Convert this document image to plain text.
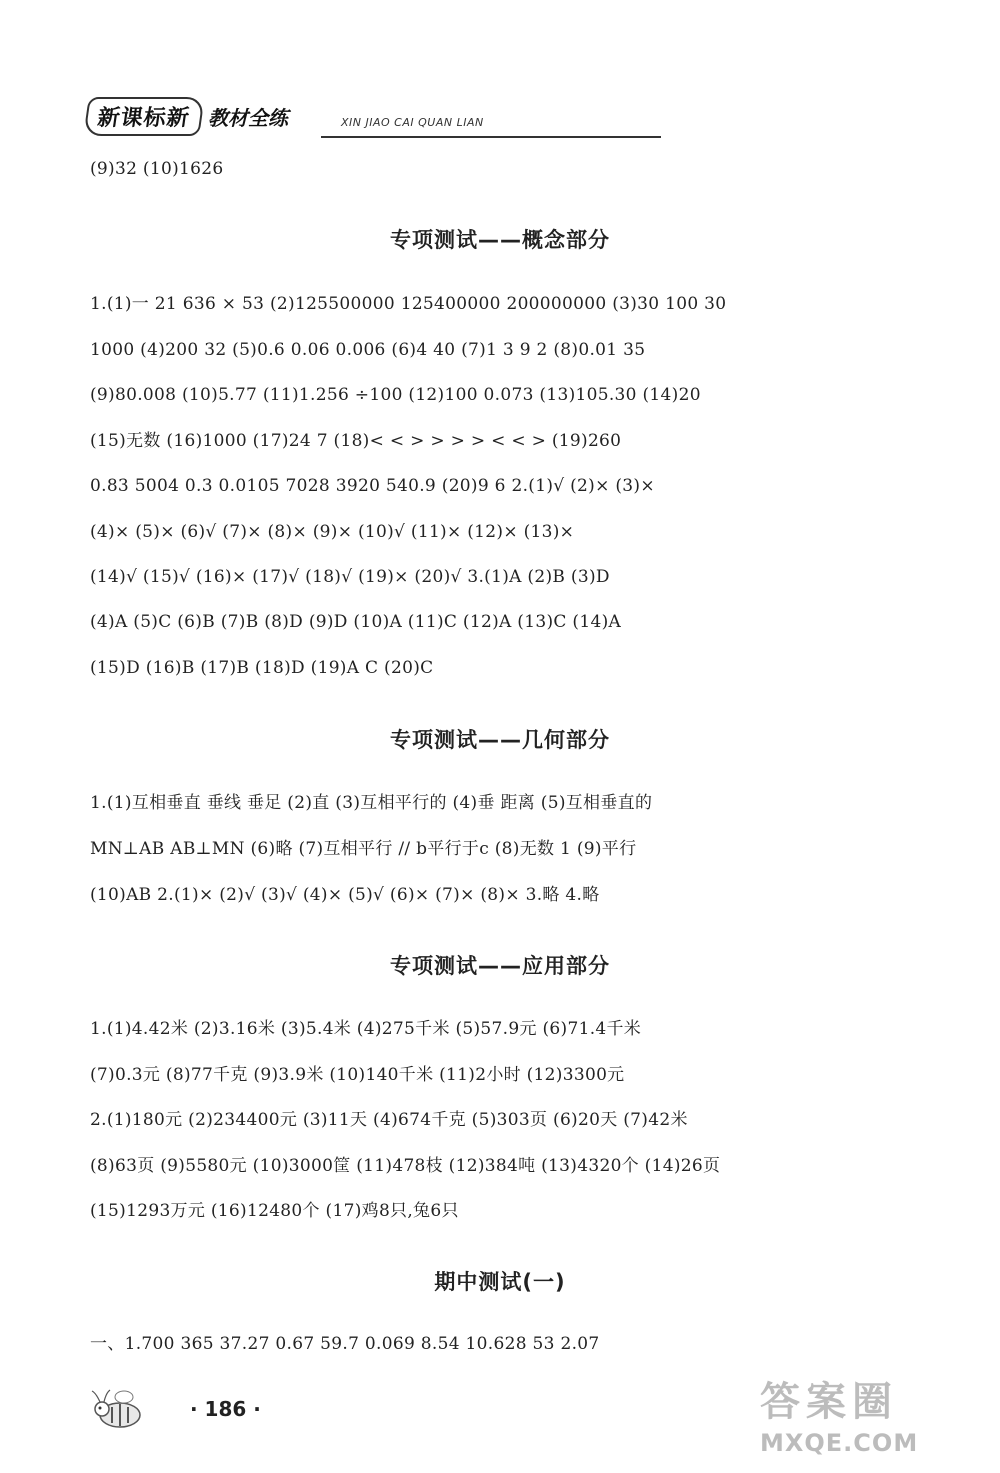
新课标新 教材全练	XIN JIAO CAI QUAN LIAN
(9)32 (10)1626
专项测试——概念部分
1.(1)一 21 636 × 53 (2)125500000 125400000 200000000 (3)30 100 30
1000 (4)200 32 (5)0.6 0.06 0.006 (6)4 40 (7)1 3 9 2 (8)0.01 35
(9)80.008 (10)5.77 (11)1.256 ÷100 (12)100 0.073 (13)105.30 (14)20
(15)无数 (16)1000 (17)24 7 (18)< < > > > > < < > (19)260
0.83 5004 0.3 0.0105 7028 3920 540.9 (20)9 6 2.(1)√ (2)× (3)×
(4)× (5)× (6)√ (7)× (8)× (9)× (10)√ (11)× (12)× (13)×
(14)√ (15)√ (16)× (17)√ (18)√ (19)× (20)√ 3.(1)A (2)B (3)D
(4)A (5)C (6)B (7)B (8)D (9)D (10)A (11)C (12)A (13)C (14)A
(15)D (16)B (17)B (18)D (19)A C (20)C
专项测试——几何部分
1.(1)互相垂直 垂线 垂足 (2)直 (3)互相平行的 (4)垂 距离 (5)互相垂直的
MN⊥AB AB⊥MN (6)略 (7)互相平行 // b平行于c (8)无数 1 (9)平行
(10)AB 2.(1)× (2)√ (3)√ (4)× (5)√ (6)× (7)× (8)× 3.略 4.略
专项测试——应用部分
1.(1)4.42米 (2)3.16米 (3)5.4米 (4)275千米 (5)57.9元 (6)71.4千米
(7)0.3元 (8)77千克 (9)3.9米 (10)140千米 (11)2小时 (12)3300元
2.(1)180元 (2)234400元 (3)11天 (4)674千克 (5)303页 (6)20天 (7)42米
(8)63页 (9)5580元 (10)3000筐 (11)478枝 (12)384吨 (13)4320个 (14)26页
(15)1293万元 (16)12480个 (17)鸡8只,兔6只
期中测试(一)
一、1.700 365 37.27 0.67 59.7 0.069 8.54 10.628 53 2.07
· 186 ·	答案圈
MXQE.COM
